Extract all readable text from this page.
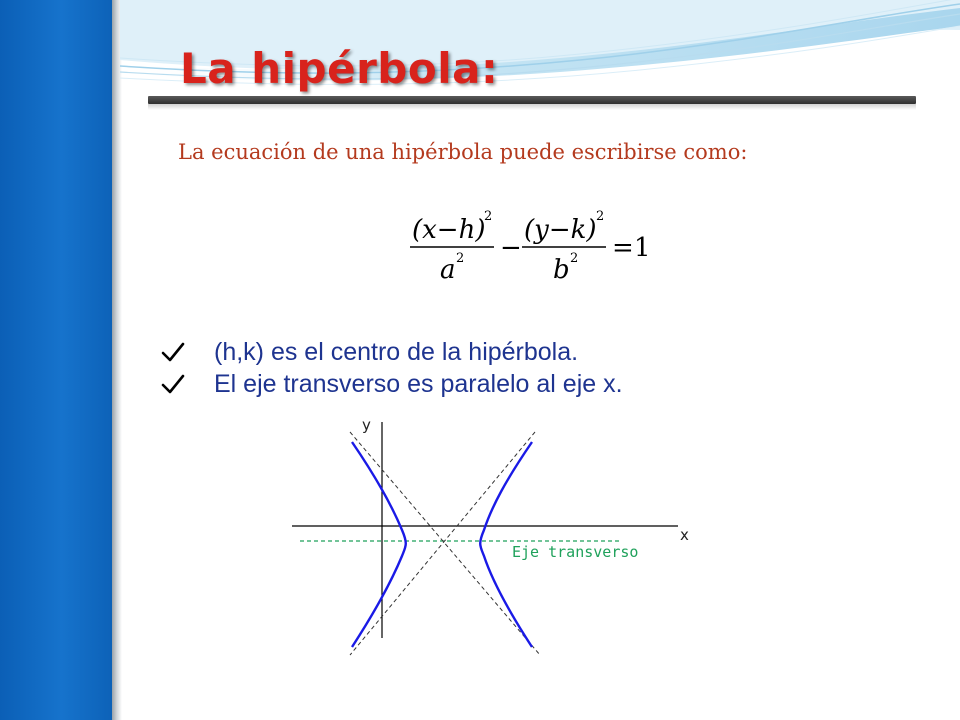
La hipérbola:

La ecuación de una hipérbola puede escribirse como:

(x−h)
2
a 2 −
(y−k) 2
b 2 = 1
(h,k) es el centro de la hipérbola.
El eje transverso es paralelo al eje x.
y
x
Eje transverso
